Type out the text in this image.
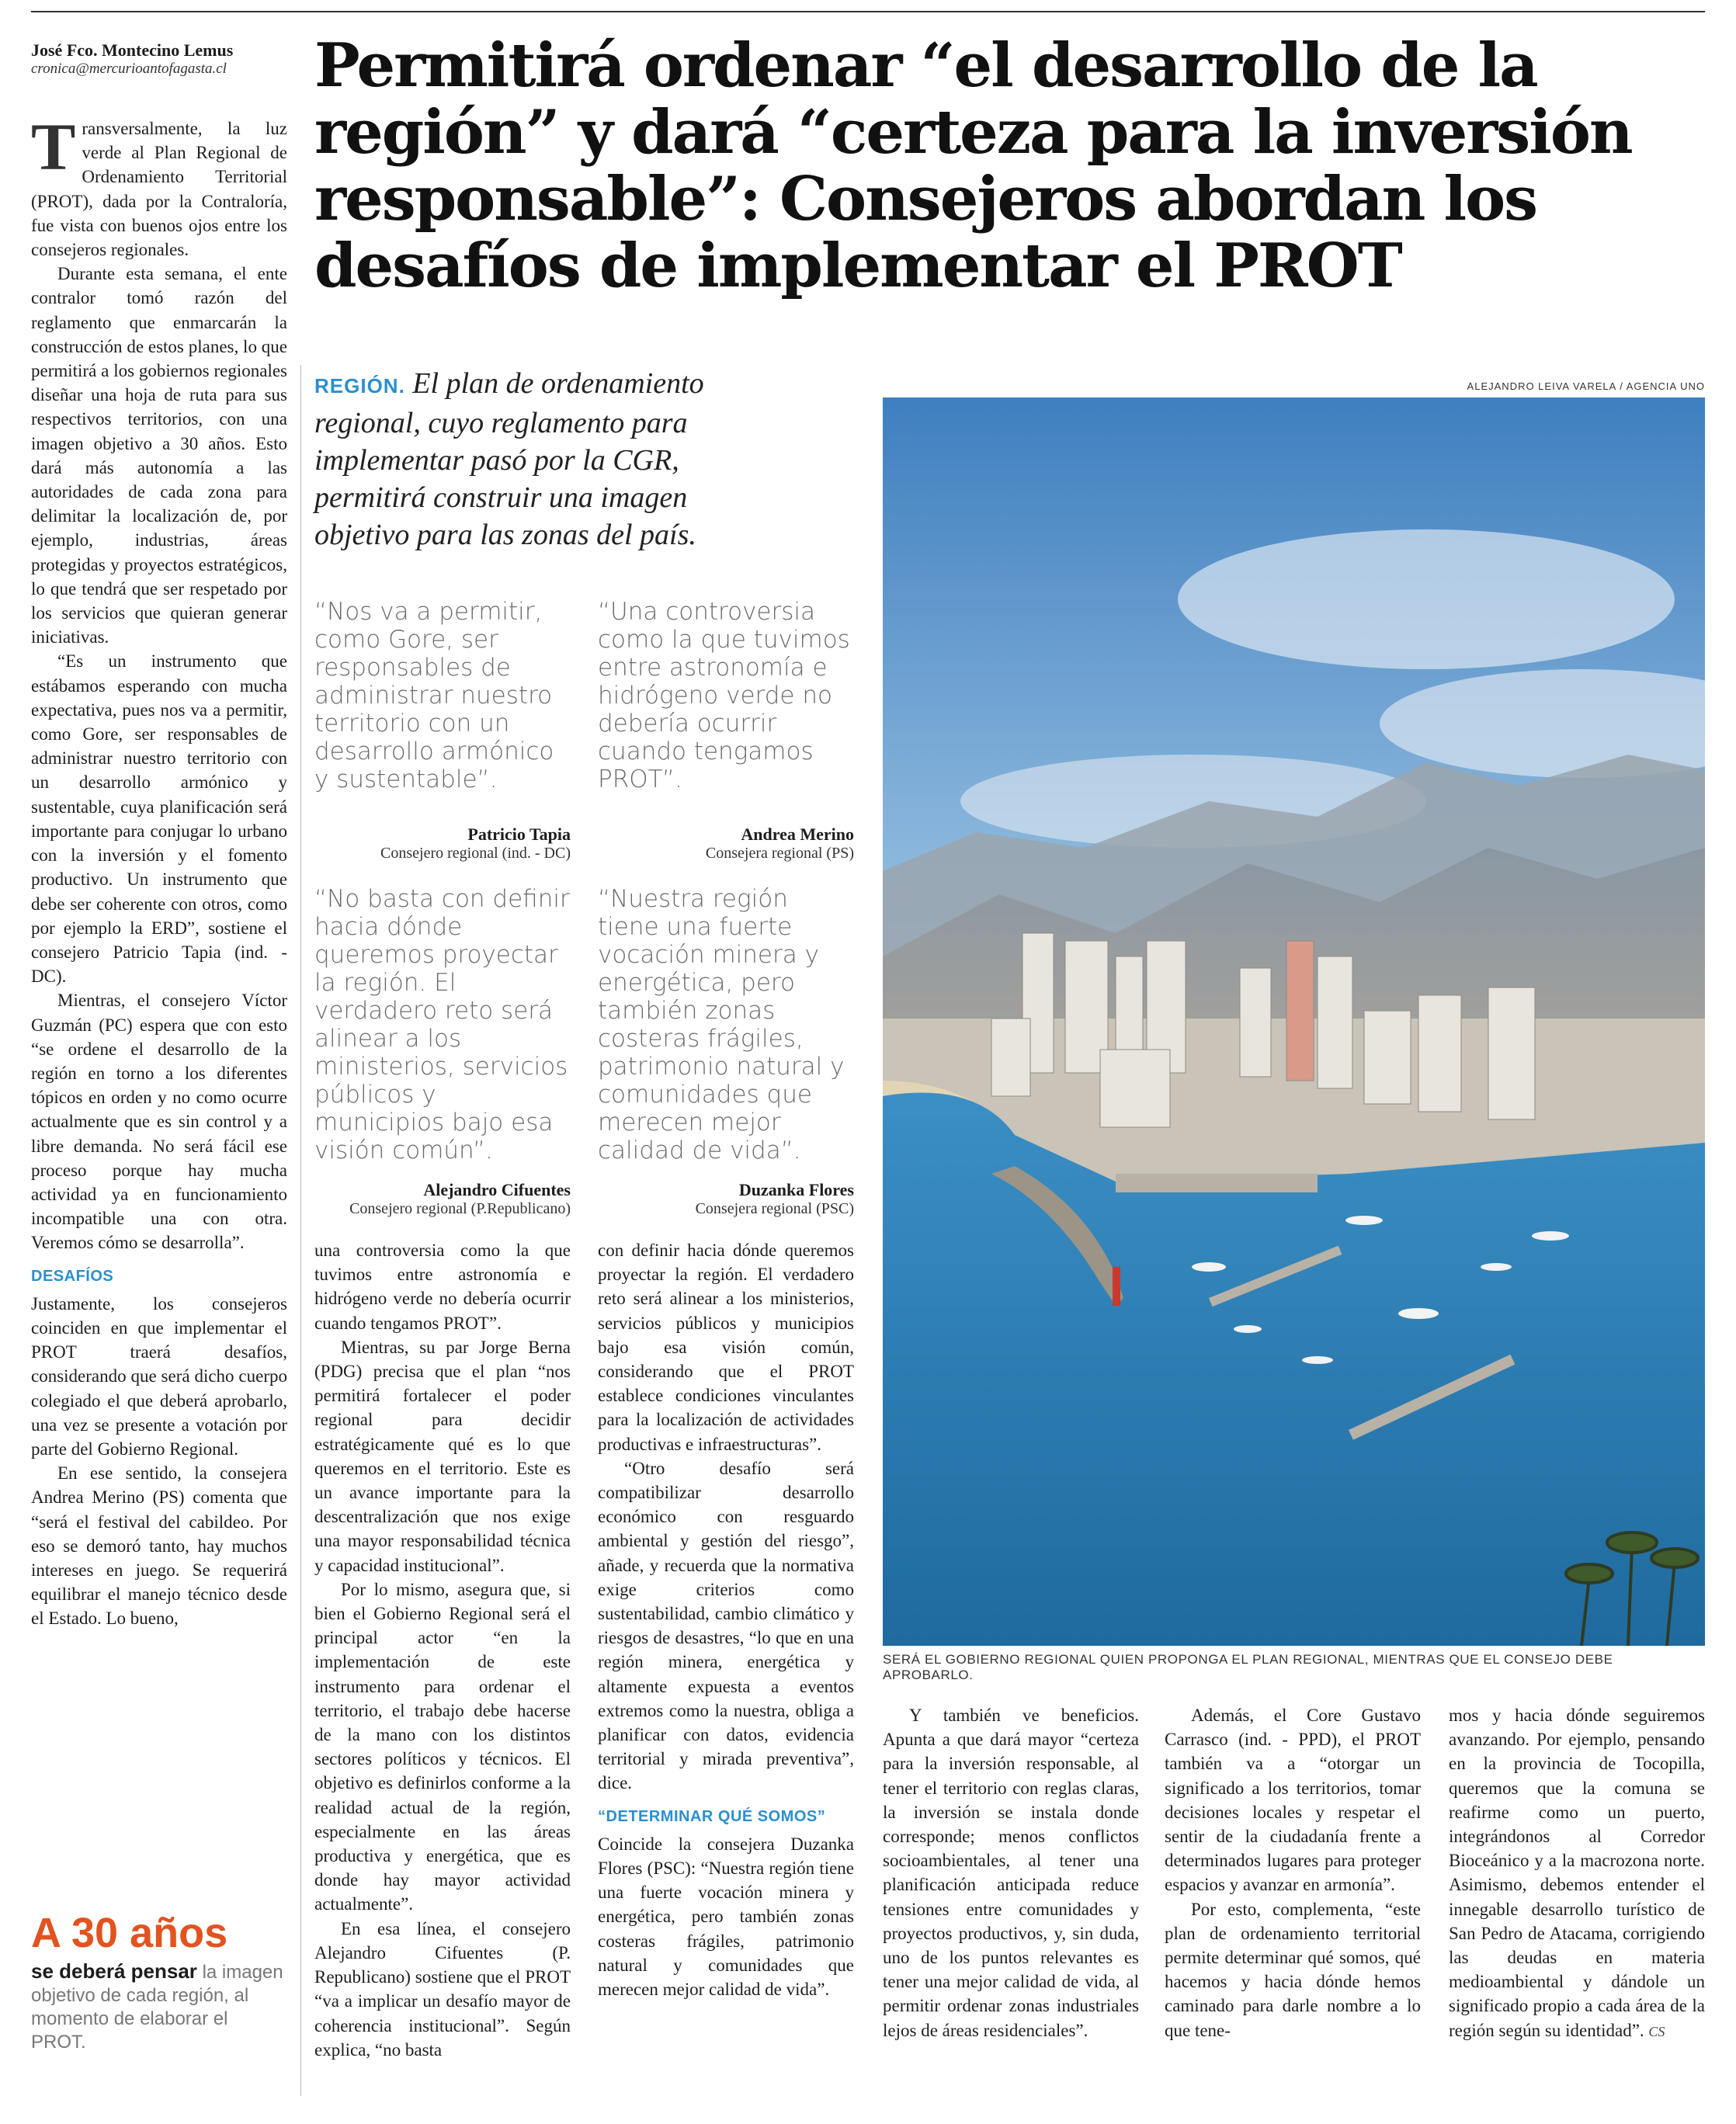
José Fco. Montecino Lemus
cronica@mercurioantofagasta.cl	Permitirá ordenar “el desarrollo de la región” y dará “certeza para la inversión responsable”: Consejeros abordan los desafíos de implementar el PROT
REGIÓN. El plan de ordenamiento regional, cuyo reglamento para implementar pasó por la CGR, permitirá construir una imagen objetivo para las zonas del país.
ALEJANDRO LEIVA VARELA / AGENCIA UNO
SERÁ EL GOBIERNO REGIONAL QUIEN PROPONGA EL PLAN REGIONAL, MIENTRAS QUE EL CONSEJO DEBE APROBARLO.

“Nos va a permitir, como Gore, ser responsables de administrar nuestro territorio con un desarrollo armónico y sustentable”.

Patricio Tapia
Consejero regional (ind. - DC)

“Una controversia como la que tuvimos entre astronomía e hidrógeno verde no debería ocurrir cuando tengamos PROT”.

Andrea Merino
Consejera regional (PS)

“No basta con definir hacia dónde queremos proyectar la región. El verdadero reto será alinear a los ministerios, servicios públicos y municipios bajo esa visión común”.

Alejandro Cifuentes
Consejero regional (P.Republicano)

“Nuestra región tiene una fuerte vocación minera y energética, pero también zonas costeras frágiles, patrimonio natural y comunidades que merecen mejor calidad de vida”.

Duzanka Flores
Consejera regional (PSC)

Transversalmente, la luz verde al Plan Regional de Ordenamiento Territorial (PROT), dada por la Contraloría, fue vista con buenos ojos entre los consejeros regionales.

Durante esta semana, el ente contralor tomó razón del reglamento que enmarcarán la construcción de estos planes, lo que permitirá a los gobiernos regionales diseñar una hoja de ruta para sus respectivos territorios, con una imagen objetivo a 30 años. Esto dará más autonomía a las autoridades de cada zona para delimitar la localización de, por ejemplo, industrias, áreas protegidas y proyectos estratégicos, lo que tendrá que ser respetado por los servicios que quieran generar iniciativas.

“Es un instrumento que estábamos esperando con mucha expectativa, pues nos va a permitir, como Gore, ser responsables de administrar nuestro territorio con un desarrollo armónico y sustentable, cuya planificación será importante para conjugar lo urbano con la inversión y el fomento productivo. Un instrumento que debe ser coherente con otros, como por ejemplo la ERD”, sostiene el consejero Patricio Tapia (ind. - DC).

Mientras, el consejero Víctor Guzmán (PC) espera que con esto “se ordene el desarrollo de la región en torno a los diferentes tópicos en orden y no como ocurre actualmente que es sin control y a libre demanda. No será fácil ese proceso porque hay mucha actividad ya en funcionamiento incompatible una con otra. Veremos cómo se desarrolla”.

DESAFÍOS

Justamente, los consejeros coinciden en que implementar el PROT traerá desafíos, considerando que será dicho cuerpo colegiado el que deberá aprobarlo, una vez se presente a votación por parte del Gobierno Regional.

En ese sentido, la consejera Andrea Merino (PS) comenta que “será el festival del cabildeo. Por eso se demoró tanto, hay muchos intereses en juego. Se requerirá equilibrar el manejo técnico desde el Estado. Lo bueno,

A 30 años
se deberá pensar la imagen objetivo de cada región, al momento de elaborar el PROT.

una controversia como la que tuvimos entre astronomía e hidrógeno verde no debería ocurrir cuando tengamos PROT”.

Mientras, su par Jorge Berna (PDG) precisa que el plan “nos permitirá fortalecer el poder regional para decidir estratégicamente qué es lo que queremos en el territorio. Este es un avance importante para la descentralización que nos exige una mayor responsabilidad técnica y capacidad institucional”.

Por lo mismo, asegura que, si bien el Gobierno Regional será el principal actor “en la implementación de este instrumento para ordenar el territorio, el trabajo debe hacerse de la mano con los distintos sectores políticos y técnicos. El objetivo es definirlos conforme a la realidad actual de la región, especialmente en las áreas productiva y energética, que es donde hay mayor actividad actualmente”.

En esa línea, el consejero Alejandro Cifuentes (P. Republicano) sostiene que el PROT “va a implicar un desafío mayor de coherencia institucional”. Según explica, “no basta

con definir hacia dónde queremos proyectar la región. El verdadero reto será alinear a los ministerios, servicios públicos y municipios bajo esa visión común, considerando que el PROT establece condiciones vinculantes para la localización de actividades productivas e infraestructuras”.

“Otro desafío será compatibilizar desarrollo económico con resguardo ambiental y gestión del riesgo”, añade, y recuerda que la normativa exige criterios como sustentabilidad, cambio climático y riesgos de desastres, “lo que en una región minera, energética y altamente expuesta a eventos extremos como la nuestra, obliga a planificar con datos, evidencia territorial y mirada preventiva”, dice.

“DETERMINAR QUÉ SOMOS”

Coincide la consejera Duzanka Flores (PSC): “Nuestra región tiene una fuerte vocación minera y energética, pero también zonas costeras frágiles, patrimonio natural y comunidades que merecen mejor calidad de vida”.

Y también ve beneficios. Apunta a que dará mayor “certeza para la inversión responsable, al tener el territorio con reglas claras, la inversión se instala donde corresponde; menos conflictos socioambientales, al tener una planificación anticipada reduce tensiones entre comunidades y proyectos productivos, y, sin duda, uno de los puntos relevantes es tener una mejor calidad de vida, al permitir ordenar zonas industriales lejos de áreas residenciales”.

Además, el Core Gustavo Carrasco (ind. - PPD), el PROT también va a “otorgar un significado a los territorios, tomar decisiones locales y respetar el sentir de la ciudadanía frente a determinados lugares para proteger espacios y avanzar en armonía”.

Por esto, complementa, “este plan de ordenamiento territorial permite determinar qué somos, qué hacemos y hacia dónde hemos caminado para darle nombre a lo que tene-

mos y hacia dónde seguiremos avanzando. Por ejemplo, pensando en la provincia de Tocopilla, queremos que la comuna se reafirme como un puerto, integrándonos al Corredor Bioceánico y a la macrozona norte. Asimismo, debemos entender el innegable desarrollo turístico de San Pedro de Atacama, corrigiendo las deudas en materia medioambiental y dándole un significado propio a cada área de la región según su identidad”. CS
